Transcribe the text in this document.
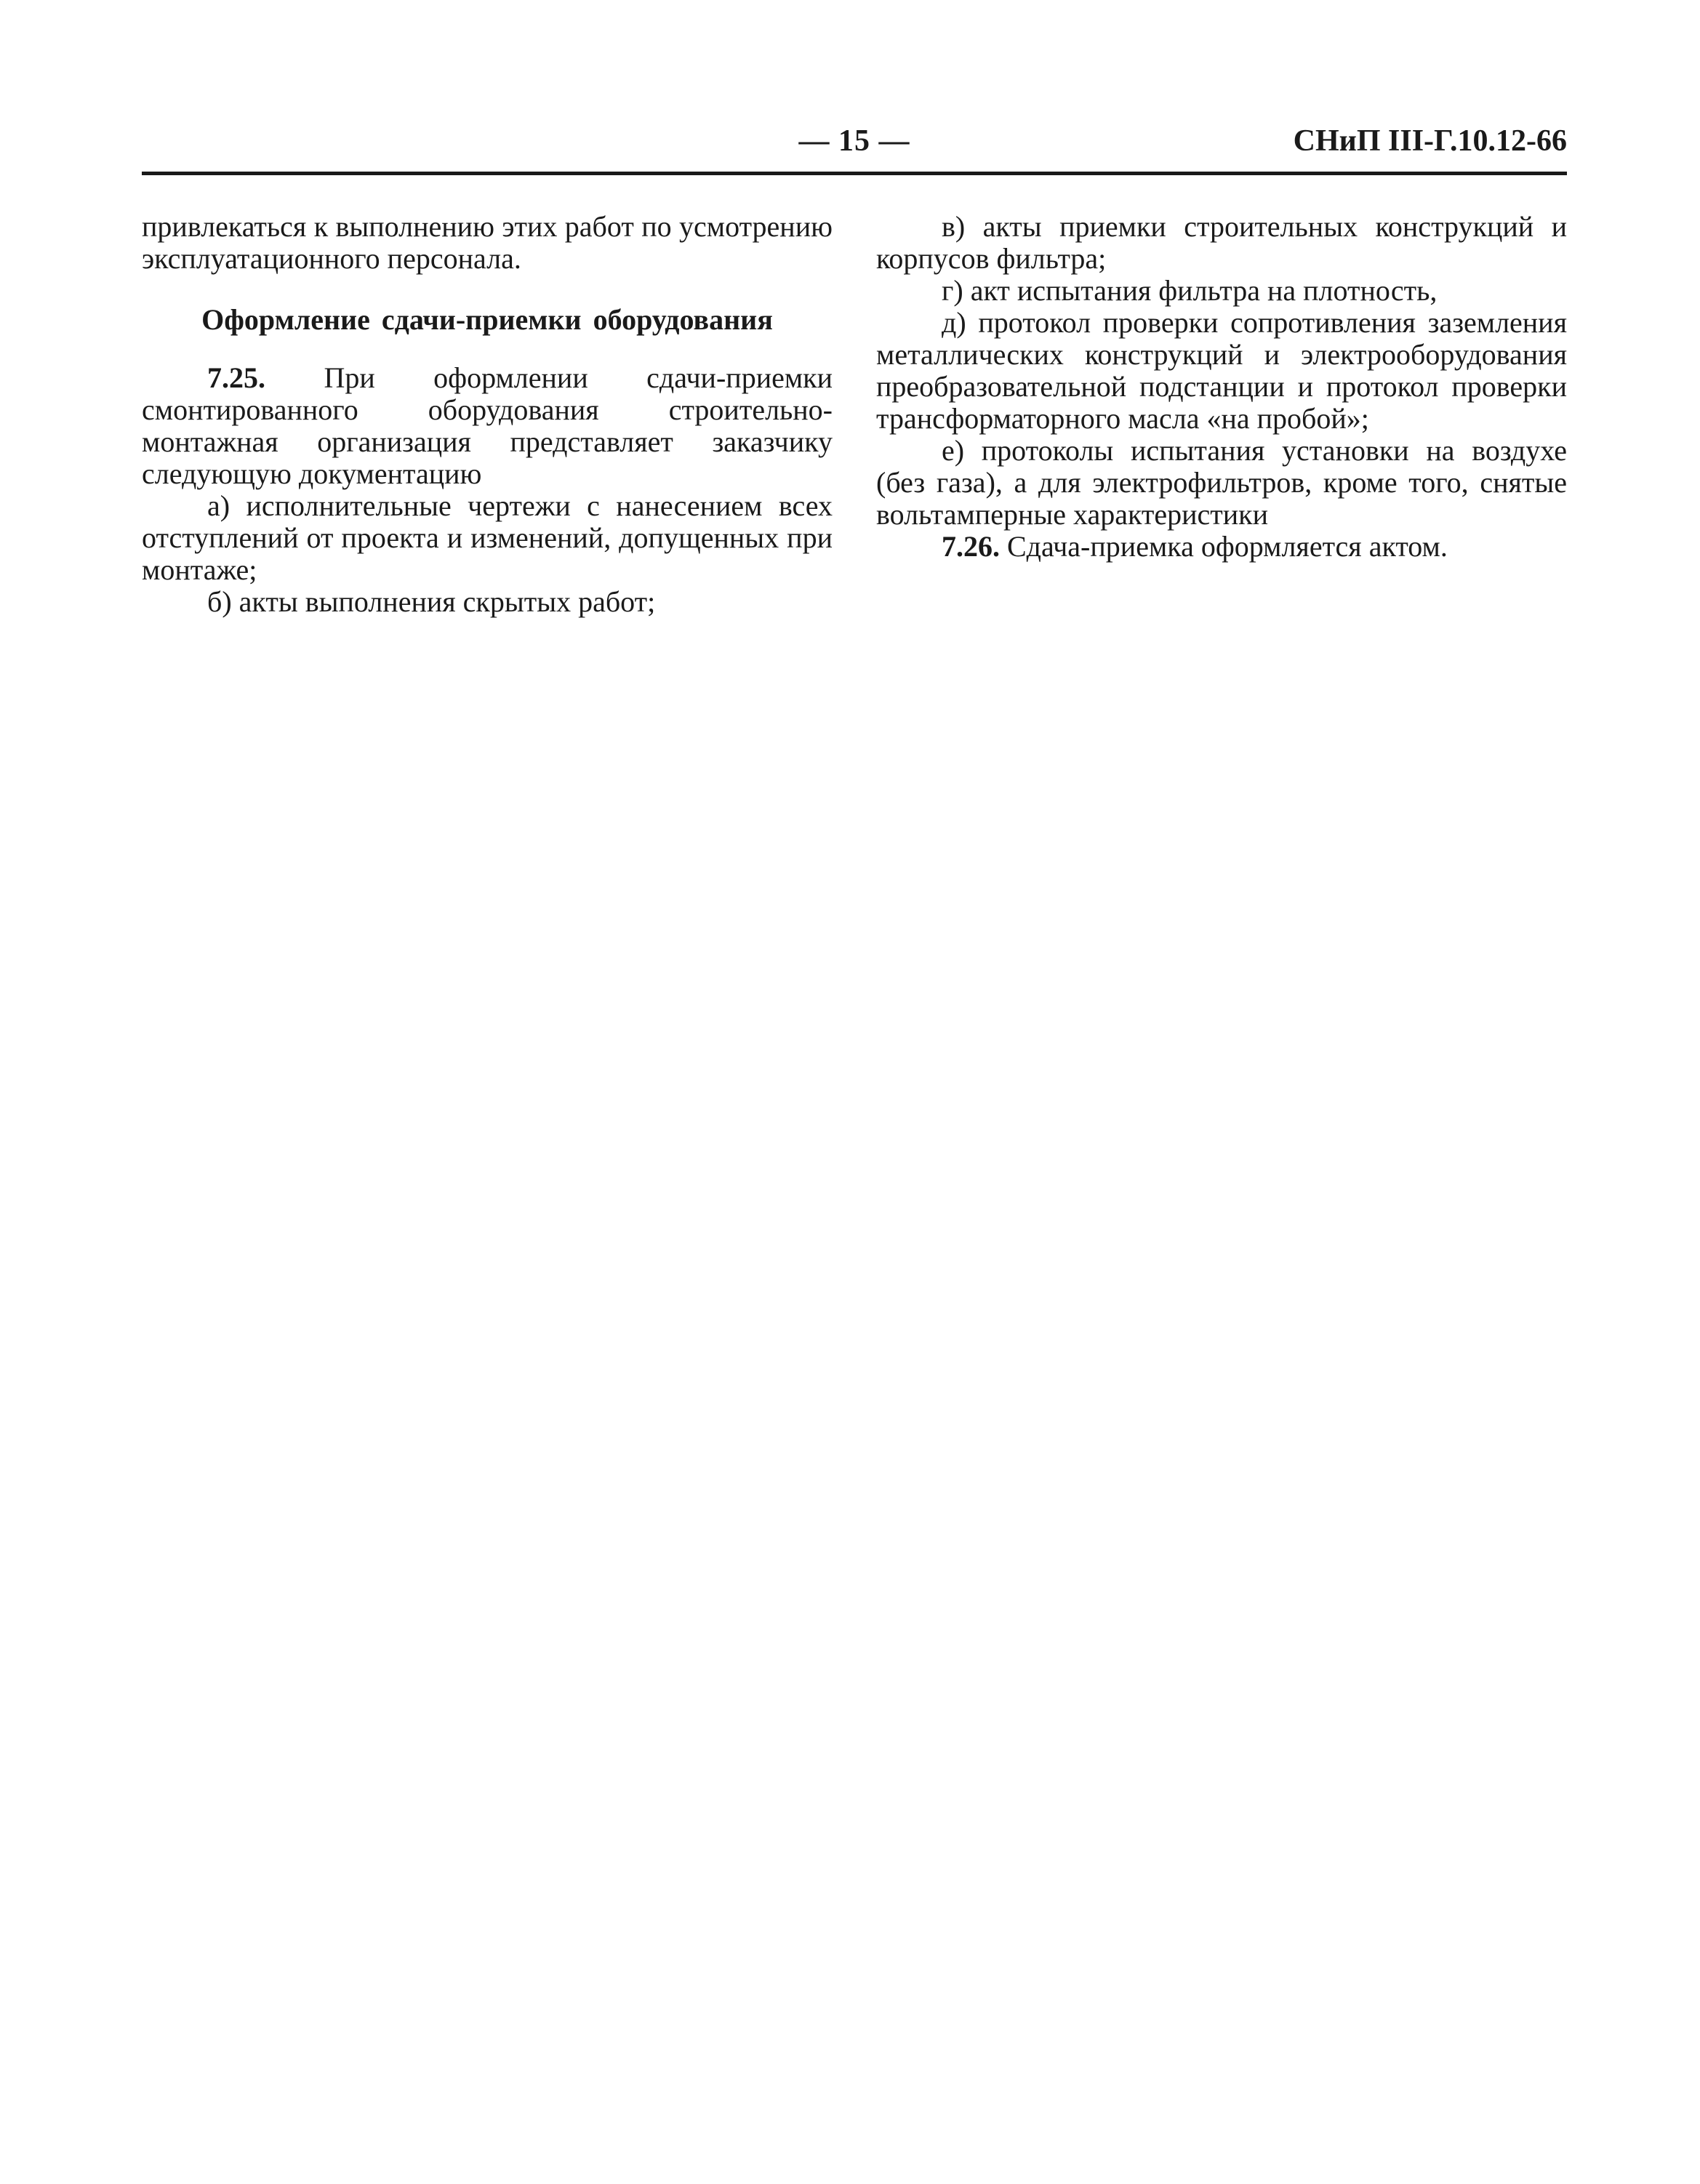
— 15 —	СНиП III-Г.10.12-66

привлекаться к выполнению этих работ по усмотрению эксплуатационного персонала.

Оформление сдачи-приемки оборудования

7.25. При оформлении сдачи-приемки смонтированного оборудования строительно-монтажная организация представляет заказчику следующую документацию

а) исполнительные чертежи с нанесением всех отступлений от проекта и изменений, допущенных при монтаже;

б) акты выполнения скрытых работ;

в) акты приемки строительных конструкций и корпусов фильтра;

г) акт испытания фильтра на плотность,

д) протокол проверки сопротивления заземления металлических конструкций и электрооборудования преобразовательной подстанции и протокол проверки трансформаторного масла «на пробой»;

е) протоколы испытания установки на воздухе (без газа), а для электрофильтров, кроме того, снятые вольтамперные характеристики

7.26. Сдача-приемка оформляется актом.
